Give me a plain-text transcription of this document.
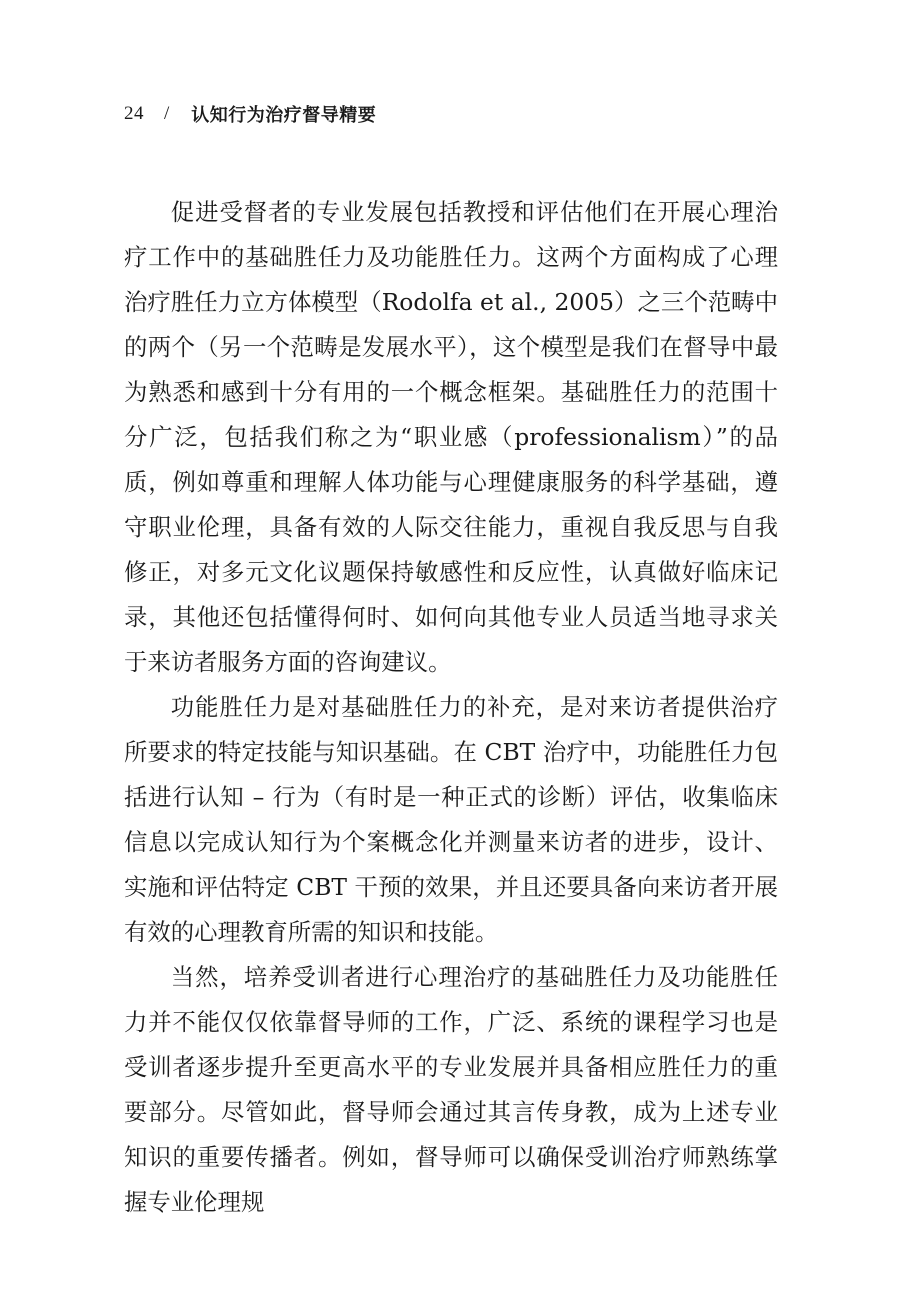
24 / 认知行为治疗督导精要

促进受督者的专业发展包括教授和评估他们在开展心理治疗工作中的基础胜任力及功能胜任力。这两个方面构成了心理治疗胜任力立方体模型（Rodolfa et al., 2005）之三个范畴中的两个（另一个范畴是发展水平），这个模型是我们在督导中最为熟悉和感到十分有用的一个概念框架。基础胜任力的范围十分广泛，包括我们称之为“职业感（professionalism）”的品质，例如尊重和理解人体功能与心理健康服务的科学基础，遵守职业伦理，具备有效的人际交往能力，重视自我反思与自我修正，对多元文化议题保持敏感性和反应性，认真做好临床记录，其他还包括懂得何时、如何向其他专业人员适当地寻求关于来访者服务方面的咨询建议。

功能胜任力是对基础胜任力的补充，是对来访者提供治疗所要求的特定技能与知识基础。在 CBT 治疗中，功能胜任力包括进行认知 – 行为（有时是一种正式的诊断）评估，收集临床信息以完成认知行为个案概念化并测量来访者的进步，设计、实施和评估特定 CBT 干预的效果，并且还要具备向来访者开展有效的心理教育所需的知识和技能。

当然，培养受训者进行心理治疗的基础胜任力及功能胜任力并不能仅仅依靠督导师的工作，广泛、系统的课程学习也是受训者逐步提升至更高水平的专业发展并具备相应胜任力的重要部分。尽管如此，督导师会通过其言传身教，成为上述专业知识的重要传播者。例如，督导师可以确保受训治疗师熟练掌握专业伦理规
